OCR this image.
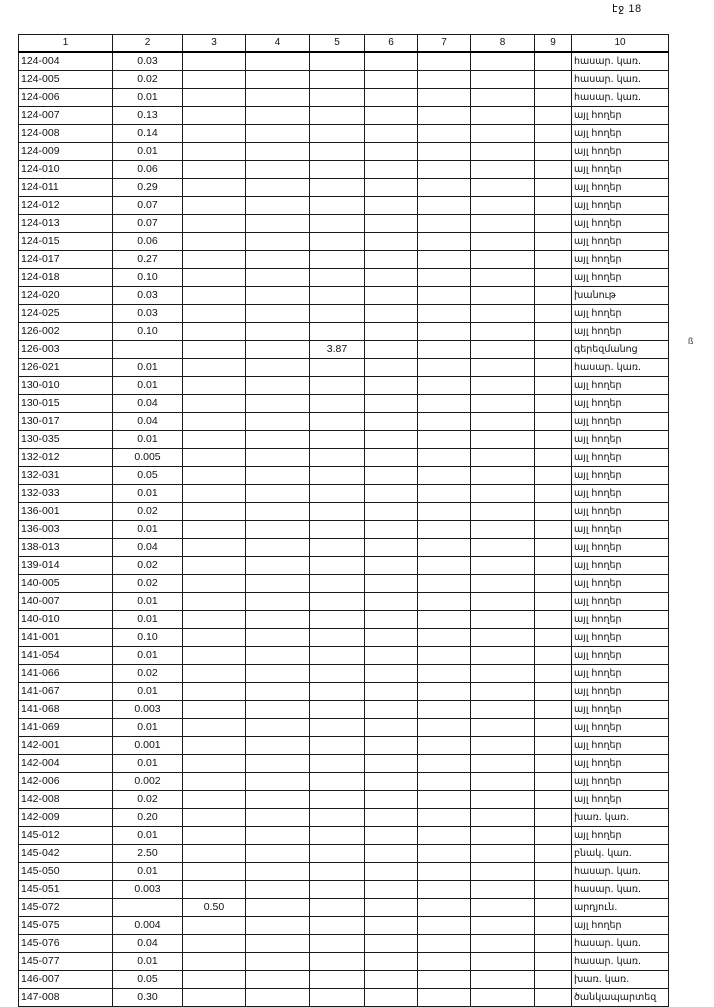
էջ 18
ß
1	2	3	4	5	6	7	8	9	10
124-004	0.03								հասար. կառ.
124-005	0.02								հասար. կառ.
124-006	0.01								հասար. կառ.
124-007	0.13								այլ հողեր
124-008	0.14								այլ հողեր
124-009	0.01								այլ հողեր
124-010	0.06								այլ հողեր
124-011	0.29								այլ հողեր
124-012	0.07								այլ հողեր
124-013	0.07								այլ հողեր
124-015	0.06								այլ հողեր
124-017	0.27								այլ հողեր
124-018	0.10								այլ հողեր
124-020	0.03								խանութ
124-025	0.03								այլ հողեր
126-002	0.10								այլ հողեր
126-003				3.87					գերեզմանոց
126-021	0.01								հասար. կառ.
130-010	0.01								այլ հողեր
130-015	0.04								այլ հողեր
130-017	0.04								այլ հողեր
130-035	0.01								այլ հողեր
132-012	0.005								այլ հողեր
132-031	0.05								այլ հողեր
132-033	0.01								այլ հողեր
136-001	0.02								այլ հողեր
136-003	0.01								այլ հողեր
138-013	0.04								այլ հողեր
139-014	0.02								այլ հողեր
140-005	0.02								այլ հողեր
140-007	0.01								այլ հողեր
140-010	0.01								այլ հողեր
141-001	0.10								այլ հողեր
141-054	0.01								այլ հողեր
141-066	0.02								այլ հողեր
141-067	0.01								այլ հողեր
141-068	0.003								այլ հողեր
141-069	0.01								այլ հողեր
142-001	0.001								այլ հողեր
142-004	0.01								այլ հողեր
142-006	0.002								այլ հողեր
142-008	0.02								այլ հողեր
142-009	0.20								խառ. կառ.
145-012	0.01								այլ հողեր
145-042	2.50								բնակ. կառ.
145-050	0.01								հասար. կառ.
145-051	0.003								հասար. կառ.
145-072		0.50							արդյուն.
145-075	0.004								այլ հողեր
145-076	0.04								հասար. կառ.
145-077	0.01								հասար. կառ.
146-007	0.05								խառ. կառ.
147-008	0.30								ծանկապարտեզ
